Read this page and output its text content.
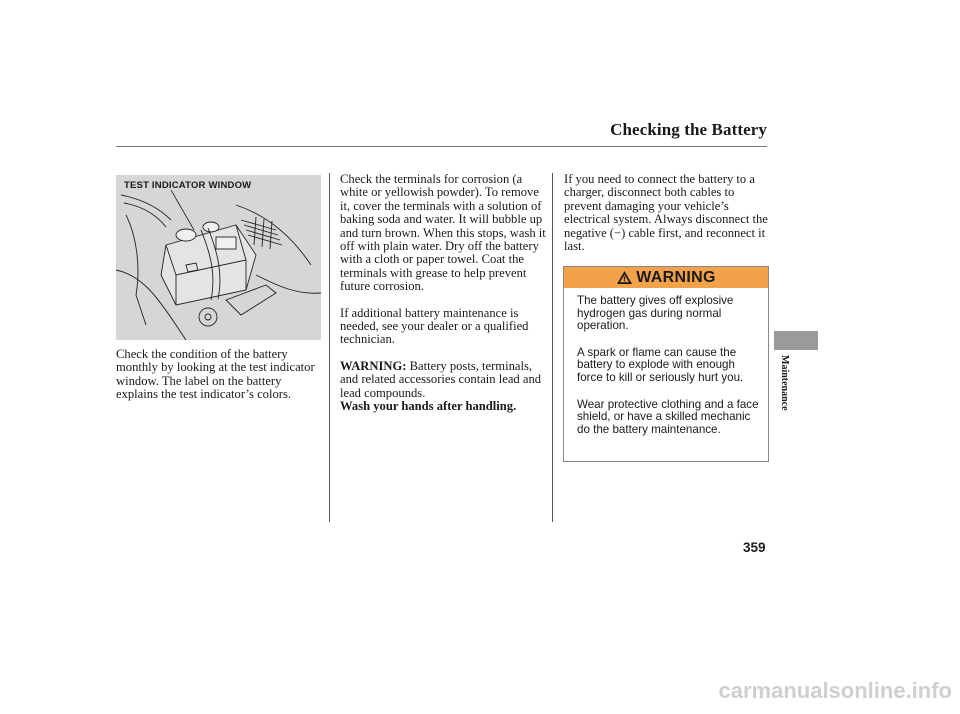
Checking the Battery
TEST INDICATOR WINDOW

Check the condition of the battery monthly by looking at the test indicator window. The label on the battery explains the test indicator’s colors.

Check the terminals for corrosion (a white or yellowish powder). To remove it, cover the terminals with a solution of baking soda and water. It will bubble up and turn brown. When this stops, wash it off with plain water. Dry off the battery with a cloth or paper towel. Coat the terminals with grease to help prevent future corrosion.

If additional battery maintenance is needed, see your dealer or a qualified technician.

WARNING: Battery posts, terminals, and related accessories contain lead and lead compounds.

Wash your hands after handling.

If you need to connect the battery to a charger, disconnect both cables to prevent damaging your vehicle’s electrical system. Always disconnect the negative (−) cable first, and reconnect it last.

WARNING

The battery gives off explosive hydrogen gas during normal operation.

A spark or flame can cause the battery to explode with enough force to kill or seriously hurt you.

Wear protective clothing and a face shield, or have a skilled mechanic do the battery maintenance.

Maintenance
359
carmanualsonline.info
